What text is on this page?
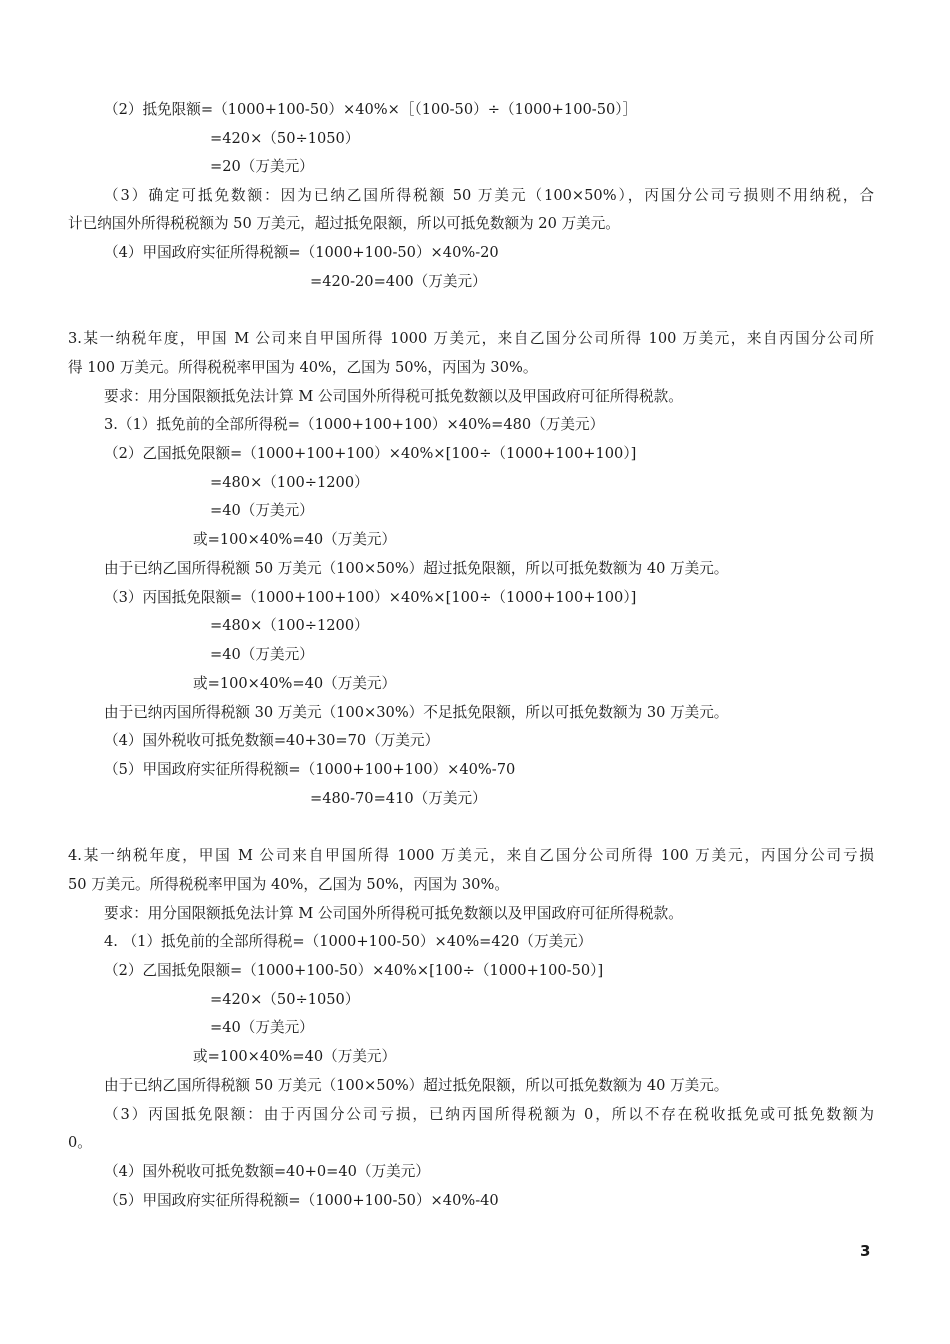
（2）抵免限额=（1000+100-50）×40%×［（100-50）÷（1000+100-50）］
=420×（50÷1050）
=20（万美元）
（3）确定可抵免数额：因为已纳乙国所得税额 50 万美元（100×50%），丙国分公司亏损则不用纳税，合
计已纳国外所得税税额为 50 万美元，超过抵免限额，所以可抵免数额为 20 万美元。
（4）甲国政府实征所得税额=（1000+100-50）×40%-20
=420-20=400（万美元）
3.某一纳税年度，甲国 M 公司来自甲国所得 1000 万美元，来自乙国分公司所得 100 万美元，来自丙国分公司所
得 100 万美元。所得税税率甲国为 40%，乙国为 50%，丙国为 30%。
要求：用分国限额抵免法计算 M 公司国外所得税可抵免数额以及甲国政府可征所得税款。
3.（1）抵免前的全部所得税=（1000+100+100）×40%=480（万美元）
（2）乙国抵免限额=（1000+100+100）×40%×[100÷（1000+100+100）]
=480×（100÷1200）
=40（万美元）
或=100×40%=40（万美元）
由于已纳乙国所得税额 50 万美元（100×50%）超过抵免限额，所以可抵免数额为 40 万美元。
（3）丙国抵免限额=（1000+100+100）×40%×[100÷（1000+100+100）]
=480×（100÷1200）
=40（万美元）
或=100×40%=40（万美元）
由于已纳丙国所得税额 30 万美元（100×30%）不足抵免限额，所以可抵免数额为 30 万美元。
（4）国外税收可抵免数额=40+30=70（万美元）
（5）甲国政府实征所得税额=（1000+100+100）×40%-70
=480-70=410（万美元）
4.某一纳税年度，甲国 M 公司来自甲国所得 1000 万美元，来自乙国分公司所得 100 万美元，丙国分公司亏损
50 万美元。所得税税率甲国为 40%，乙国为 50%，丙国为 30%。
要求：用分国限额抵免法计算 M 公司国外所得税可抵免数额以及甲国政府可征所得税款。
4. （1）抵免前的全部所得税=（1000+100-50）×40%=420（万美元）
（2）乙国抵免限额=（1000+100-50）×40%×[100÷（1000+100-50）]
=420×（50÷1050）
=40（万美元）
或=100×40%=40（万美元）
由于已纳乙国所得税额 50 万美元（100×50%）超过抵免限额，所以可抵免数额为 40 万美元。
（3）丙国抵免限额：由于丙国分公司亏损，已纳丙国所得税额为 0，所以不存在税收抵免或可抵免数额为
0。
（4）国外税收可抵免数额=40+0=40（万美元）
（5）甲国政府实征所得税额=（1000+100-50）×40%-40
3
